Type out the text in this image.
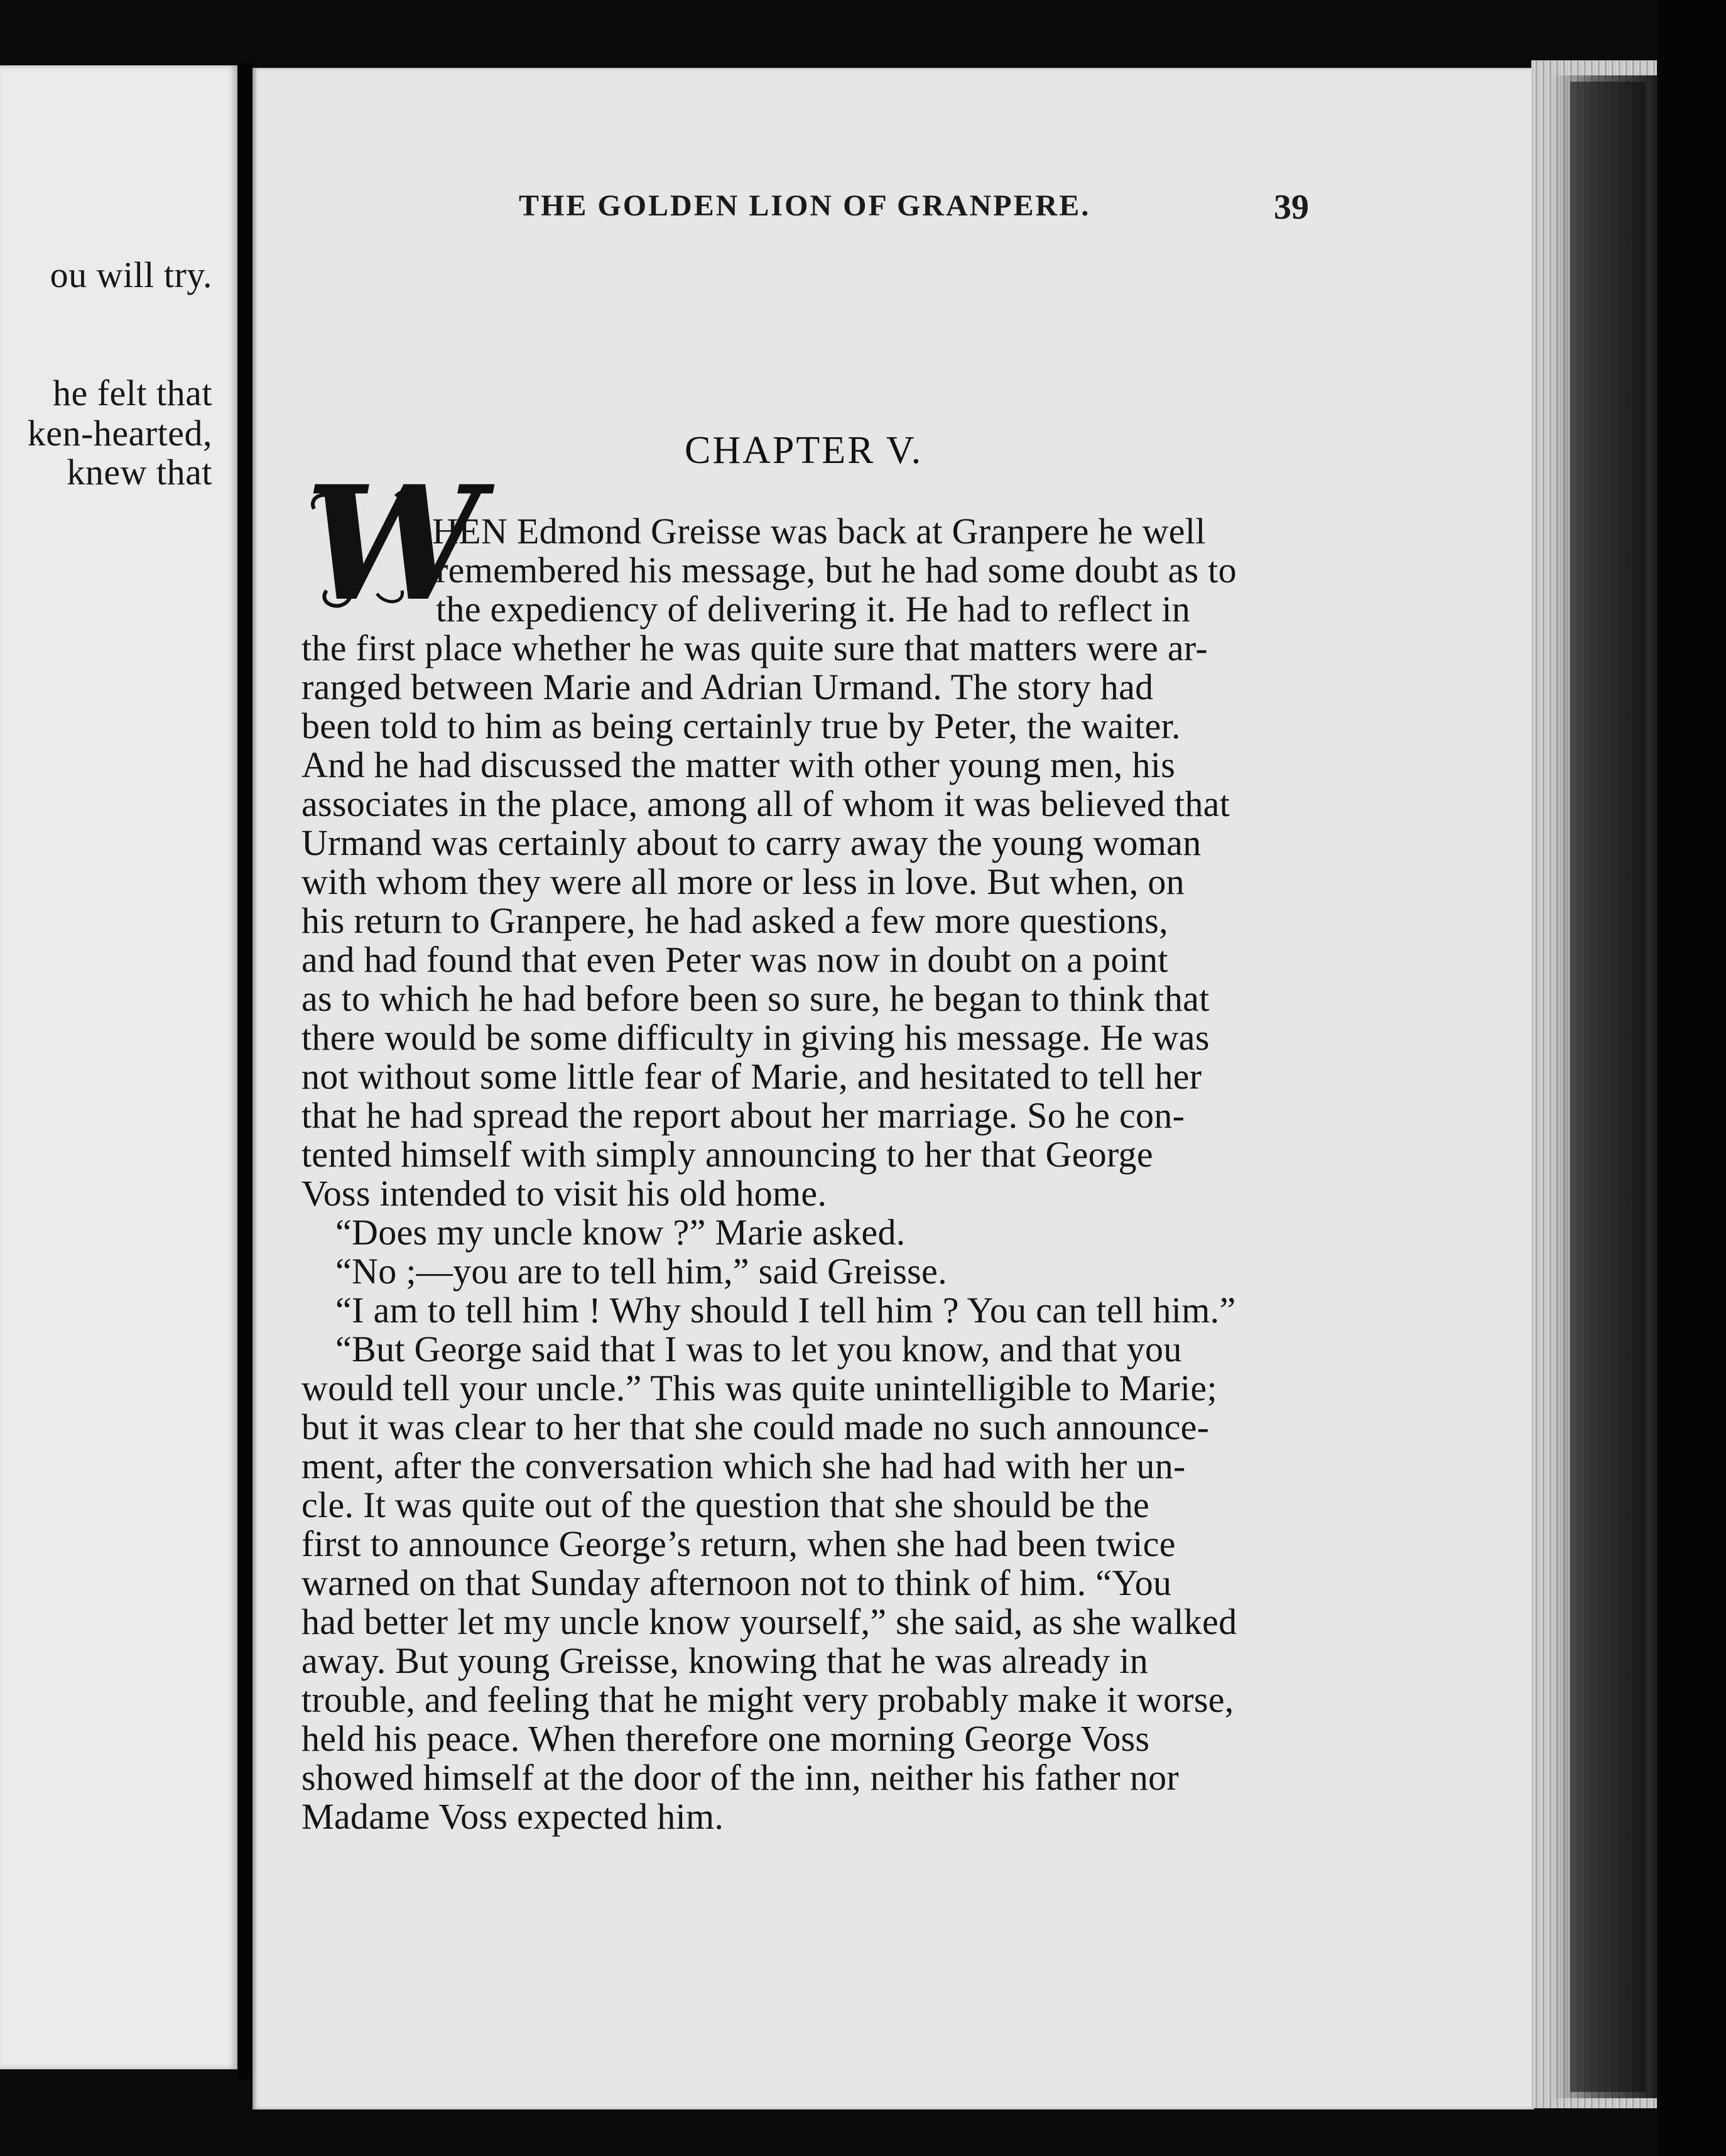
ou will try.
he felt that
ken-hearted,
knew that
THE GOLDEN LION OF GRANPERE.	39
CHAPTER V.
W
HEN Edmond Greisse was back at Granpere he well
remembered his message, but he had some doubt as to
the expediency of delivering it. He had to reflect in
the first place whether he was quite sure that matters were ar-
ranged between Marie and Adrian Urmand. The story had
been told to him as being certainly true by Peter, the waiter.
And he had discussed the matter with other young men, his
associates in the place, among all of whom it was believed that
Urmand was certainly about to carry away the young woman
with whom they were all more or less in love. But when, on
his return to Granpere, he had asked a few more questions,
and had found that even Peter was now in doubt on a point
as to which he had before been so sure, he began to think that
there would be some difficulty in giving his message. He was
not without some little fear of Marie, and hesitated to tell her
that he had spread the report about her marriage. So he con-
tented himself with simply announcing to her that George
Voss intended to visit his old home.
“Does my uncle know ?” Marie asked.
“No ;—you are to tell him,” said Greisse.
“I am to tell him ! Why should I tell him ? You can tell him.”
“But George said that I was to let you know, and that you
would tell your uncle.” This was quite unintelligible to Marie;
but it was clear to her that she could made no such announce-
ment, after the conversation which she had had with her un-
cle. It was quite out of the question that she should be the
first to announce George’s return, when she had been twice
warned on that Sunday afternoon not to think of him. “You
had better let my uncle know yourself,” she said, as she walked
away. But young Greisse, knowing that he was already in
trouble, and feeling that he might very probably make it worse,
held his peace. When therefore one morning George Voss
showed himself at the door of the inn, neither his father nor
Madame Voss expected him.
